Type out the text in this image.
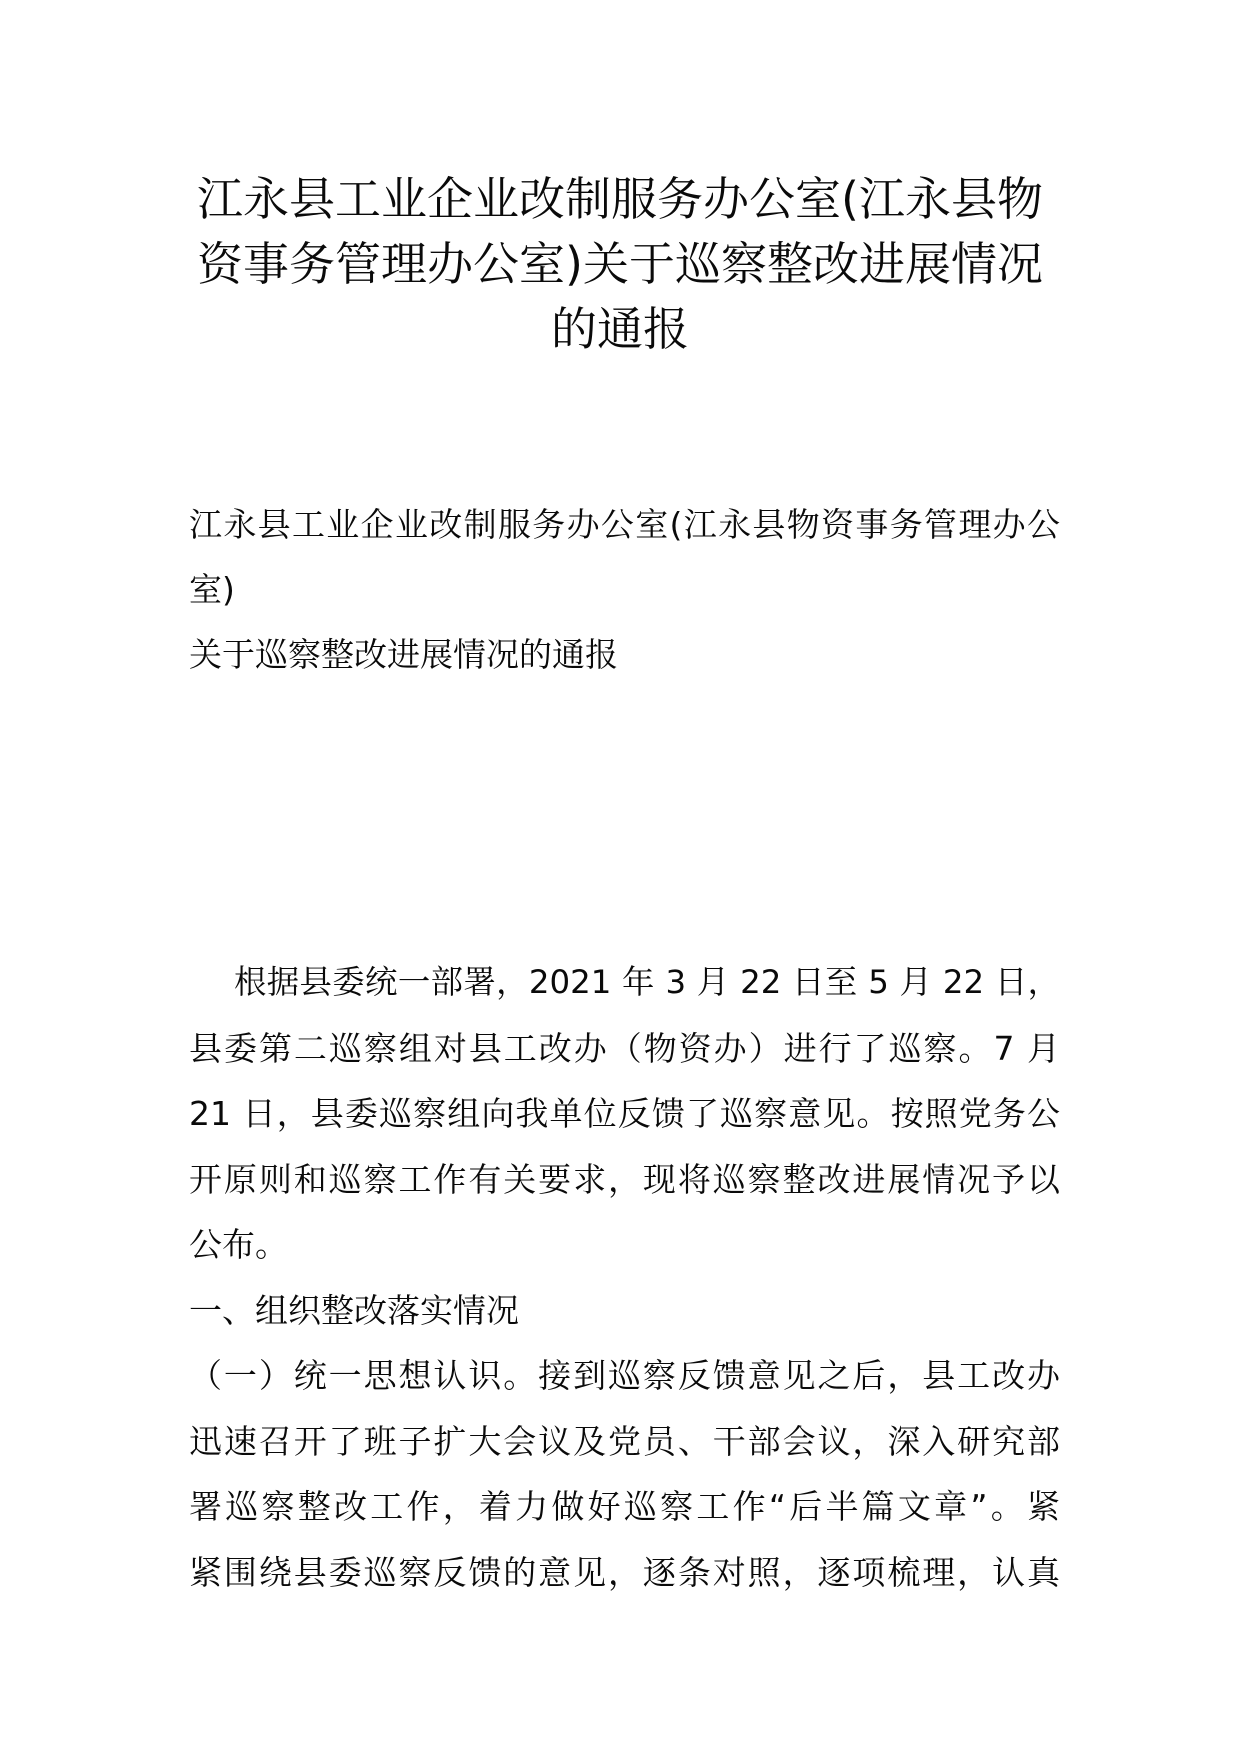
江永县工业企业改制服务办公室(江永县物
资事务管理办公室)关于巡察整改进展情况
的通报
江永县工业企业改制服务办公室(江永县物资事务管理办公
室)
关于巡察整改进展情况的通报
根据县委统一部署，2021 年 3 月 22 日至 5 月 22 日，
县委第二巡察组对县工改办（物资办）进行了巡察。7 月
21 日，县委巡察组向我单位反馈了巡察意见。按照党务公
开原则和巡察工作有关要求，现将巡察整改进展情况予以
公布。
一、组织整改落实情况
（一）统一思想认识。接到巡察反馈意见之后，县工改办
迅速召开了班子扩大会议及党员、干部会议，深入研究部
署巡察整改工作，着力做好巡察工作“后半篇文章”。紧
紧围绕县委巡察反馈的意见，逐条对照，逐项梳理，认真
